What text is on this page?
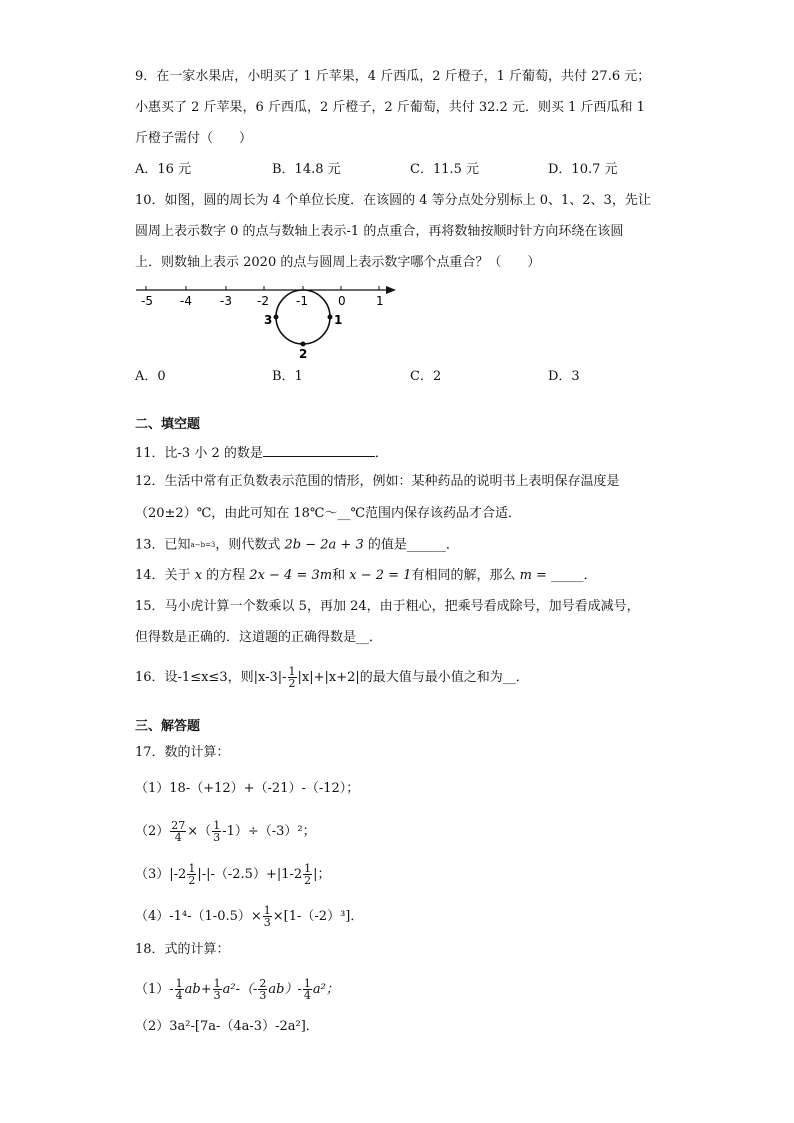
9．在一家水果店，小明买了 1 斤苹果，4 斤西瓜，2 斤橙子，1 斤葡萄，共付 27.6 元；
小惠买了 2 斤苹果，6 斤西瓜，2 斤橙子，2 斤葡萄，共付 32.2 元．则买 1 斤西瓜和 1
斤橙子需付（　　）
A．16 元	B．14.8 元	C．11.5 元	D．10.7 元
10．如图，圆的周长为 4 个单位长度．在该圆的 4 等分点处分别标上 0、1、2、3，先让
圆周上表示数字 0 的点与数轴上表示-1 的点重合，再将数轴按顺时针方向环绕在该圆
上．则数轴上表示 2020 的点与圆周上表示数字哪个点重合？（　　）
-5 -4 -3 -2 -1	0	1
3	1
2
A．0	B．1	C．2	D．3
二、填空题
11．比-3 小 2 的数是	．
12．生活中常有正负数表示范围的情形，例如：某种药品的说明书上表明保存温度是
（20±2）℃，由此可知在 18℃～__℃范围内保存该药品才合适．
13．已知a−b=3，则代数式 2b − 2a + 3 的值是______．
14．关于 x 的方程 2x − 4 = 3m和 x − 2 = 1有相同的解，那么 m = _____．
15．马小虎计算一个数乘以 5，再加 24，由于粗心，把乘号看成除号，加号看成减号，
但得数是正确的．这道题的正确得数是__．
16．设-1≤x≤3，则$|x-3|- \frac{1}{2} |x|+|x+2|$的最大值与最小值之和为__．
三、解答题
17．数的计算：
（1）18-（+12）+（-21）-（-12）；
$(2) \frac{27}{4}$ ×（ $\frac{1}{3} -1)\div(-3)^2$；
$(3)|-2 \frac{1}{2} |-|-(-2.5)+|1-2 \frac{1}{2}$ |；
$(4)-1^4-(1-0.5)\times \frac{1}{3} \times[1-(-2)^3]$．
18．式的计算：
$(1)- \frac{1}{4} ab+ \frac{1}{3} a^2-(- \frac{2}{3} ab)- \frac{1}{4} a^2$；
（2）3a²-[7a-（4a-3）-2a²]．
